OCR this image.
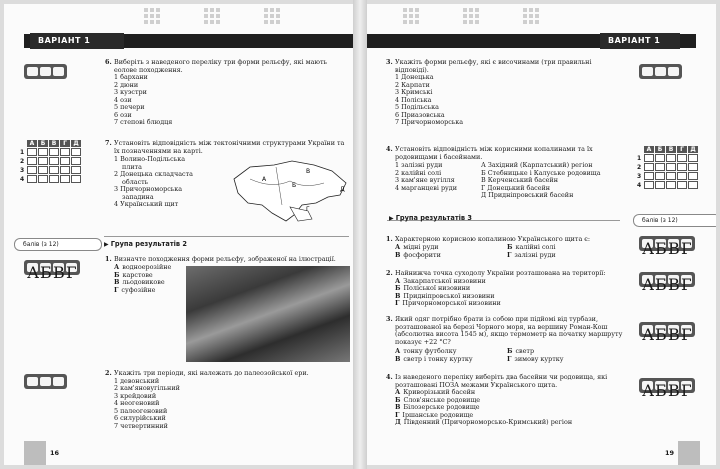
ВАРІАНТ 1
6. Виберіть з наведеного переліку три форми рельєфу, які мають еолове походження.
1 бархани
2 дюни
3 куэстри
4 ози
5 печери
6 ози
7 степові блюдця
А	Б	В	Г	Д
1
2
3
4
7. Установіть відповідність між тектонічними структурами України та їх позначеннями на карті.
1 Волино-Подільська
плита
2 Донецька складчаста
область
3 Причорноморська
западина
4 Український щит
А
Б
В
Г
Д
балів (з 12)
▶	Група результатів 2
А Б В Г
1. Визначте походження форми рельєфу, зображеної на ілюстрації.
А водноерозійне
Б карстове
В льодовикове
Г суфозійне
2. Укажіть три періоди, які належать до палеозойської ери.
1 девонський
2 кам'яновугільний
3 крейдовий
4 неогеновий
5 палеогеновий
6 силурійський
7 четвертинний
16
ВАРІАНТ 1
3. Укажіть форми рельєфу, які є височинами (три правильні відповіді).
1 Донецька
2 Карпати
3 Кримські
4 Поліська
5 Подільська
6 Приазовська
7 Причорноморська
4. Установіть відповідність між корисними копалинами та їх родовищами і басейнами.
1 залізні руди
2 калійні солі
3 кам'яне вугілля
4 марганцеві руди
А Західний (Карпатський) регіон
Б Стебницьке і Калуське родовища
В Керченський басейн
Г Донецький басейн
Д Придніпровський басейн
А	Б	В	Г	Д
1
2
3
4
▶ Група результатів 3	балів (з 12)
1. Характерною корисною копалиною Українського щита є:
А мідні руди
В фосфорити
Б калійні солі
Г залізні руди	А Б В Г
2. Найнижча точка суходолу України розташована на території:
А Закарпатської низовини
Б Поліської низовини
В Придніпровської низовини
Г Причорноморської низовини
А Б В Г
3. Який одяг потрібно брати із собою при підйомі від турбази, розташованої на березі Чорного моря, на вершину Роман-Кош (абсолютна висота 1545 м), якщо термометр на початку маршруту показує +22 °С?
А тонку футболку
В светр і тонку куртку
Б светр
Г зимову куртку
А Б В Г
4. Із наведеного переліку виберіть два басейни чи родовища, які розташовані ПОЗА межами Українського щита.
А Криворізький басейн
Б Слов'янське родовище
В Білозерське родовище
Г Іршанське родовище
Д Південний (Причорноморсько-Кримський) регіон
А Б В Г
19
